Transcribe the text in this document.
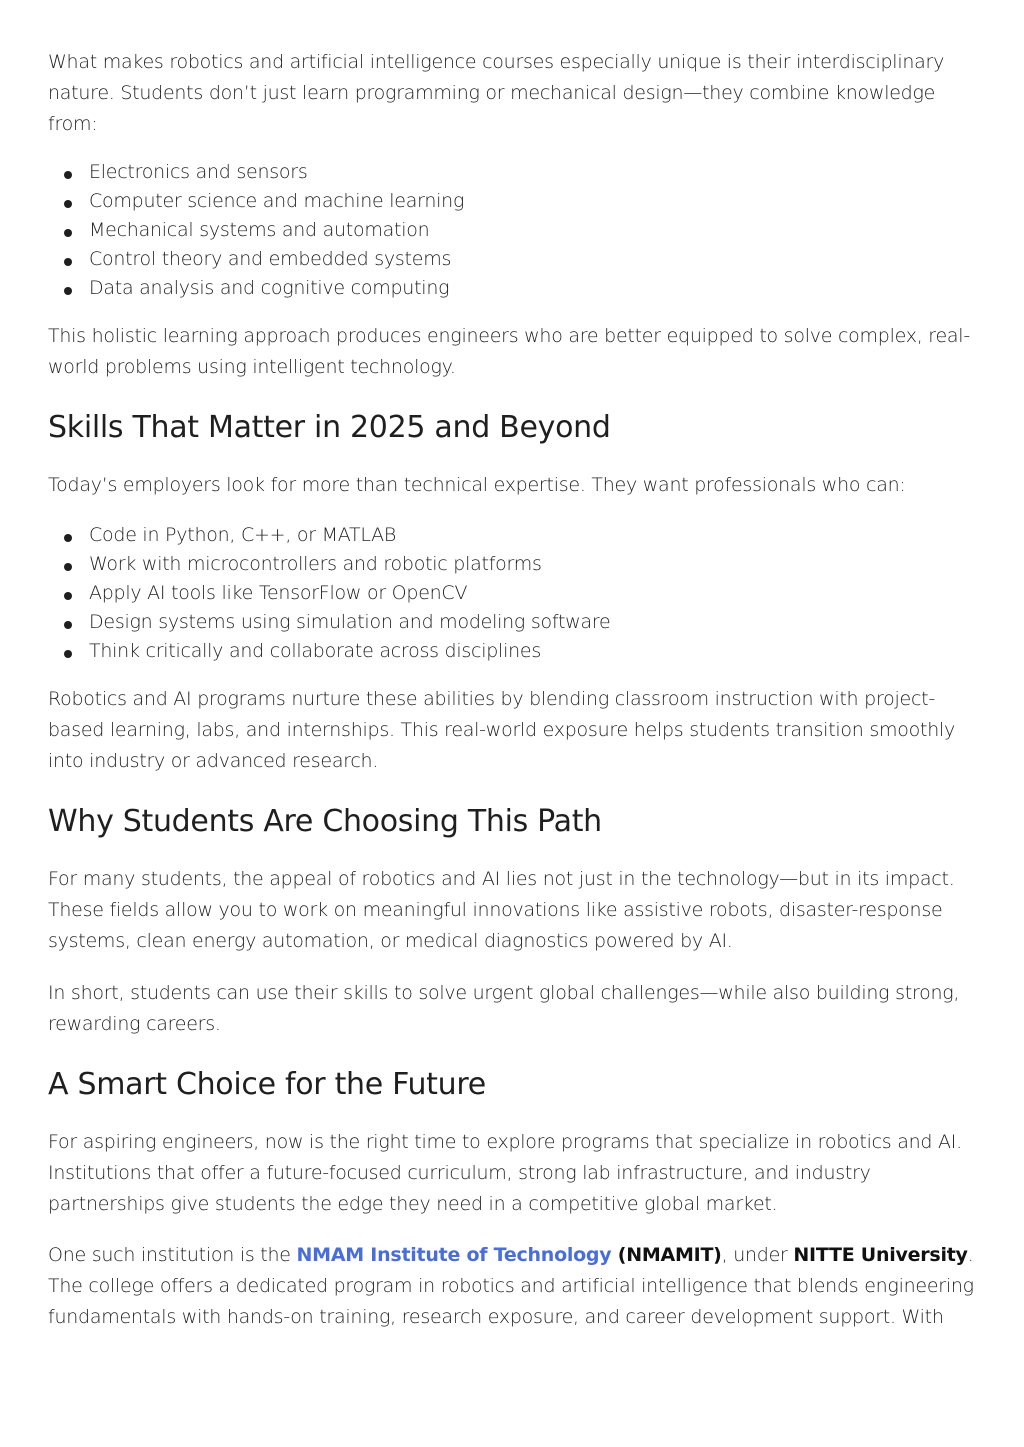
What makes robotics and artificial intelligence courses especially unique is their interdisciplinary nature. Students don’t just learn programming or mechanical design—they combine knowledge from:

Electronics and sensors
Computer science and machine learning
Mechanical systems and automation
Control theory and embedded systems
Data analysis and cognitive computing

This holistic learning approach produces engineers who are better equipped to solve complex, real-world problems using intelligent technology.

Skills That Matter in 2025 and Beyond

Today’s employers look for more than technical expertise. They want professionals who can:

Code in Python, C++, or MATLAB
Work with microcontrollers and robotic platforms
Apply AI tools like TensorFlow or OpenCV
Design systems using simulation and modeling software
Think critically and collaborate across disciplines

Robotics and AI programs nurture these abilities by blending classroom instruction with project-based learning, labs, and internships. This real-world exposure helps students transition smoothly into industry or advanced research.

Why Students Are Choosing This Path

For many students, the appeal of robotics and AI lies not just in the technology—but in its impact. These fields allow you to work on meaningful innovations like assistive robots, disaster-response systems, clean energy automation, or medical diagnostics powered by AI.

In short, students can use their skills to solve urgent global challenges—while also building strong, rewarding careers.

A Smart Choice for the Future

For aspiring engineers, now is the right time to explore programs that specialize in robotics and AI. Institutions that offer a future-focused curriculum, strong lab infrastructure, and industry partnerships give students the edge they need in a competitive global market.

One such institution is the NMAM Institute of Technology (NMAMIT), under NITTE University. The college offers a dedicated program in robotics and artificial intelligence that blends engineering fundamentals with hands-on training, research exposure, and career development support. With
